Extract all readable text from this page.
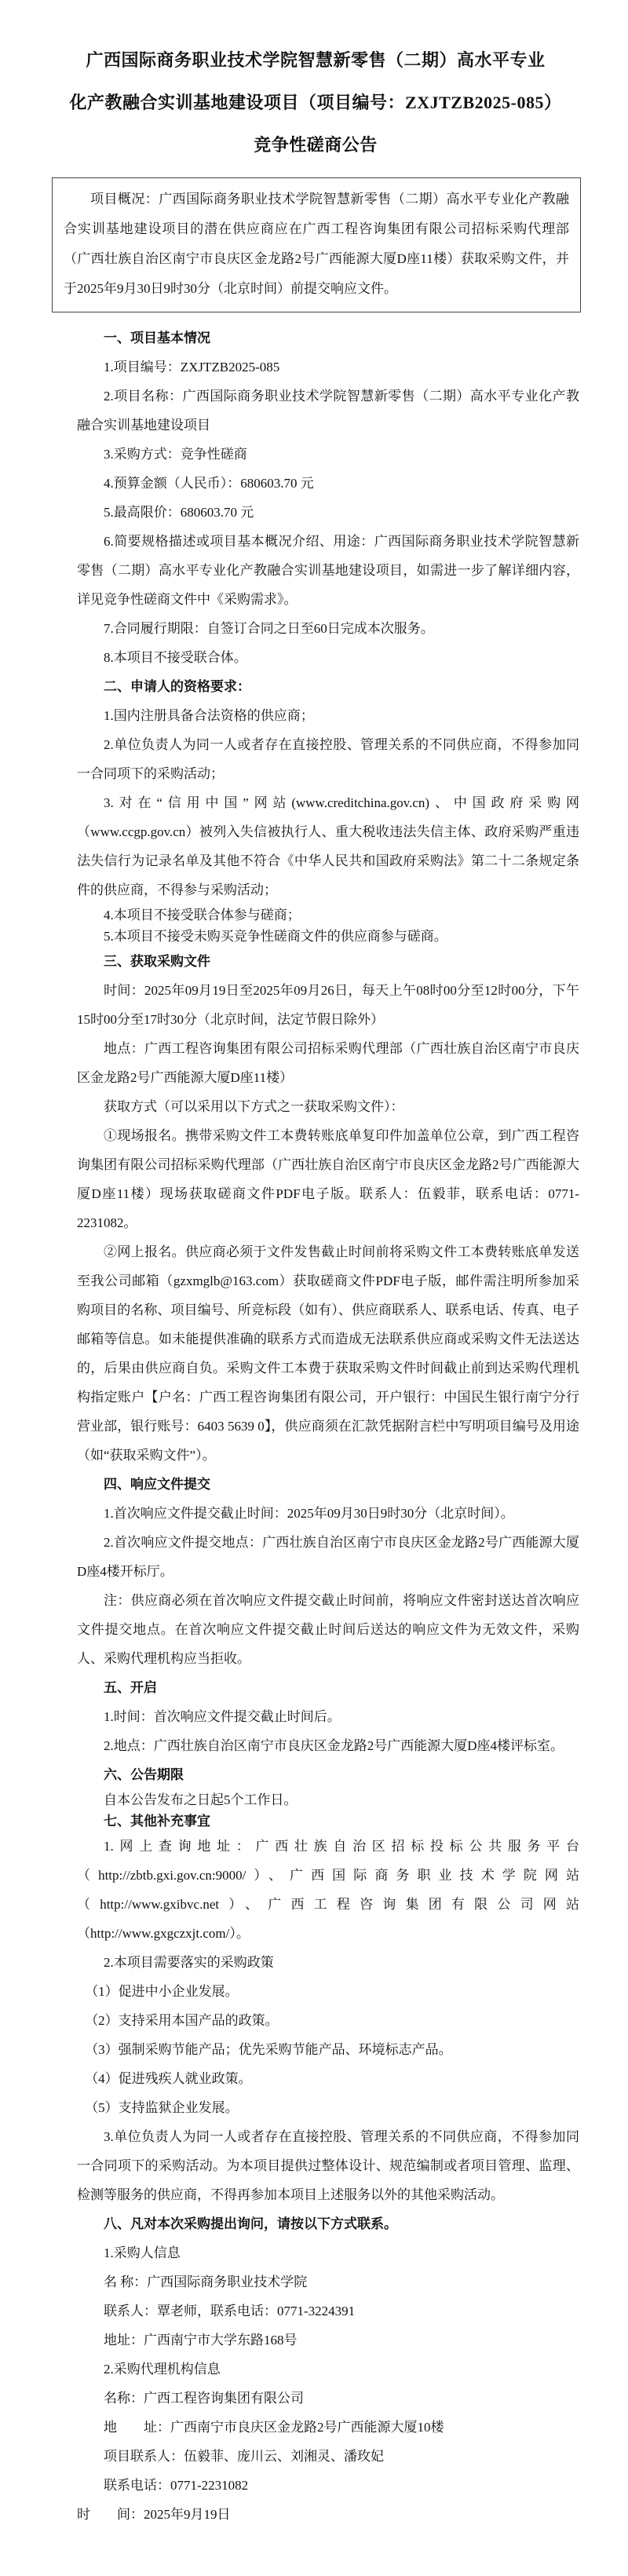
广西国际商务职业技术学院智慧新零售（二期）高水平专业
化产教融合实训基地建设项目（项目编号：ZXJTZB2025-085）
竞争性磋商公告

项目概况：广西国际商务职业技术学院智慧新零售（二期）高水平专业化产教融合实训基地建设项目的潜在供应商应在广西工程咨询集团有限公司招标采购代理部（广西壮族自治区南宁市良庆区金龙路2号广西能源大厦D座11楼）获取采购文件，并于2025年9月30日9时30分（北京时间）前提交响应文件。

一、项目基本情况

1.项目编号：ZXJTZB2025-085

2.项目名称：广西国际商务职业技术学院智慧新零售（二期）高水平专业化产教融合实训基地建设项目

3.采购方式：竞争性磋商

4.预算金额（人民币）：680603.70 元

5.最高限价：680603.70 元

6.简要规格描述或项目基本概况介绍、用途：广西国际商务职业技术学院智慧新零售（二期）高水平专业化产教融合实训基地建设项目，如需进一步了解详细内容，详见竞争性磋商文件中《采购需求》。

7.合同履行期限：自签订合同之日至60日完成本次服务。

8.本项目不接受联合体。

二、申请人的资格要求：

1.国内注册具备合法资格的供应商；

2.单位负责人为同一人或者存在直接控股、管理关系的不同供应商，不得参加同一合同项下的采购活动；

3.对在“信用中国”网站(www.creditchina.gov.cn)、中国政府采购网（www.ccgp.gov.cn）被列入失信被执行人、重大税收违法失信主体、政府采购严重违法失信行为记录名单及其他不符合《中华人民共和国政府采购法》第二十二条规定条件的供应商，不得参与采购活动；

4.本项目不接受联合体参与磋商；

5.本项目不接受未购买竞争性磋商文件的供应商参与磋商。

三、获取采购文件

时间：2025年09月19日至2025年09月26日，每天上午08时00分至12时00分，下午15时00分至17时30分（北京时间，法定节假日除外）

地点：广西工程咨询集团有限公司招标采购代理部（广西壮族自治区南宁市良庆区金龙路2号广西能源大厦D座11楼）

获取方式（可以采用以下方式之一获取采购文件）：

①现场报名。携带采购文件工本费转账底单复印件加盖单位公章，到广西工程咨询集团有限公司招标采购代理部（广西壮族自治区南宁市良庆区金龙路2号广西能源大厦D座11楼）现场获取磋商文件PDF电子版。联系人：伍毅菲，联系电话：0771-2231082。

②网上报名。供应商必须于文件发售截止时间前将采购文件工本费转账底单发送至我公司邮箱（gzxmglb@163.com）获取磋商文件PDF电子版，邮件需注明所参加采购项目的名称、项目编号、所竞标段（如有）、供应商联系人、联系电话、传真、电子邮箱等信息。如未能提供准确的联系方式而造成无法联系供应商或采购文件无法送达的，后果由供应商自负。采购文件工本费于获取采购文件时间截止前到达采购代理机构指定账户【户名：广西工程咨询集团有限公司，开户银行：中国民生银行南宁分行营业部，银行账号：6403 5639 0】，供应商须在汇款凭据附言栏中写明项目编号及用途（如“获取采购文件”）。

四、响应文件提交

1.首次响应文件提交截止时间：2025年09月30日9时30分（北京时间）。

2.首次响应文件提交地点：广西壮族自治区南宁市良庆区金龙路2号广西能源大厦D座4楼开标厅。

注：供应商必须在首次响应文件提交截止时间前，将响应文件密封送达首次响应文件提交地点。在首次响应文件提交截止时间后送达的响应文件为无效文件，采购人、采购代理机构应当拒收。

五、开启

1.时间：首次响应文件提交截止时间后。

2.地点：广西壮族自治区南宁市良庆区金龙路2号广西能源大厦D座4楼评标室。

六、公告期限

自本公告发布之日起5个工作日。

七、其他补充事宜

1.网上查询地址：广西壮族自治区招标投标公共服务平台（http://zbtb.gxi.gov.cn:9000/）、广西国际商务职业技术学院网站（http://www.gxibvc.net）、广西工程咨询集团有限公司网站（http://www.gxgczxjt.com/）。

2.本项目需要落实的采购政策

（1）促进中小企业发展。

（2）支持采用本国产品的政策。

（3）强制采购节能产品；优先采购节能产品、环境标志产品。

（4）促进残疾人就业政策。

（5）支持监狱企业发展。

3.单位负责人为同一人或者存在直接控股、管理关系的不同供应商，不得参加同一合同项下的采购活动。为本项目提供过整体设计、规范编制或者项目管理、监理、检测等服务的供应商，不得再参加本项目上述服务以外的其他采购活动。

八、凡对本次采购提出询问，请按以下方式联系。

1.采购人信息

名 称：广西国际商务职业技术学院

联系人：覃老师，联系电话：0771-3224391

地址：广西南宁市大学东路168号

2.采购代理机构信息

名称：广西工程咨询集团有限公司

地　　址：广西南宁市良庆区金龙路2号广西能源大厦10楼

项目联系人：伍毅菲、庞川云、刘湘灵、潘玫妃

联系电话：0771-2231082

时　　间：2025年9月19日
